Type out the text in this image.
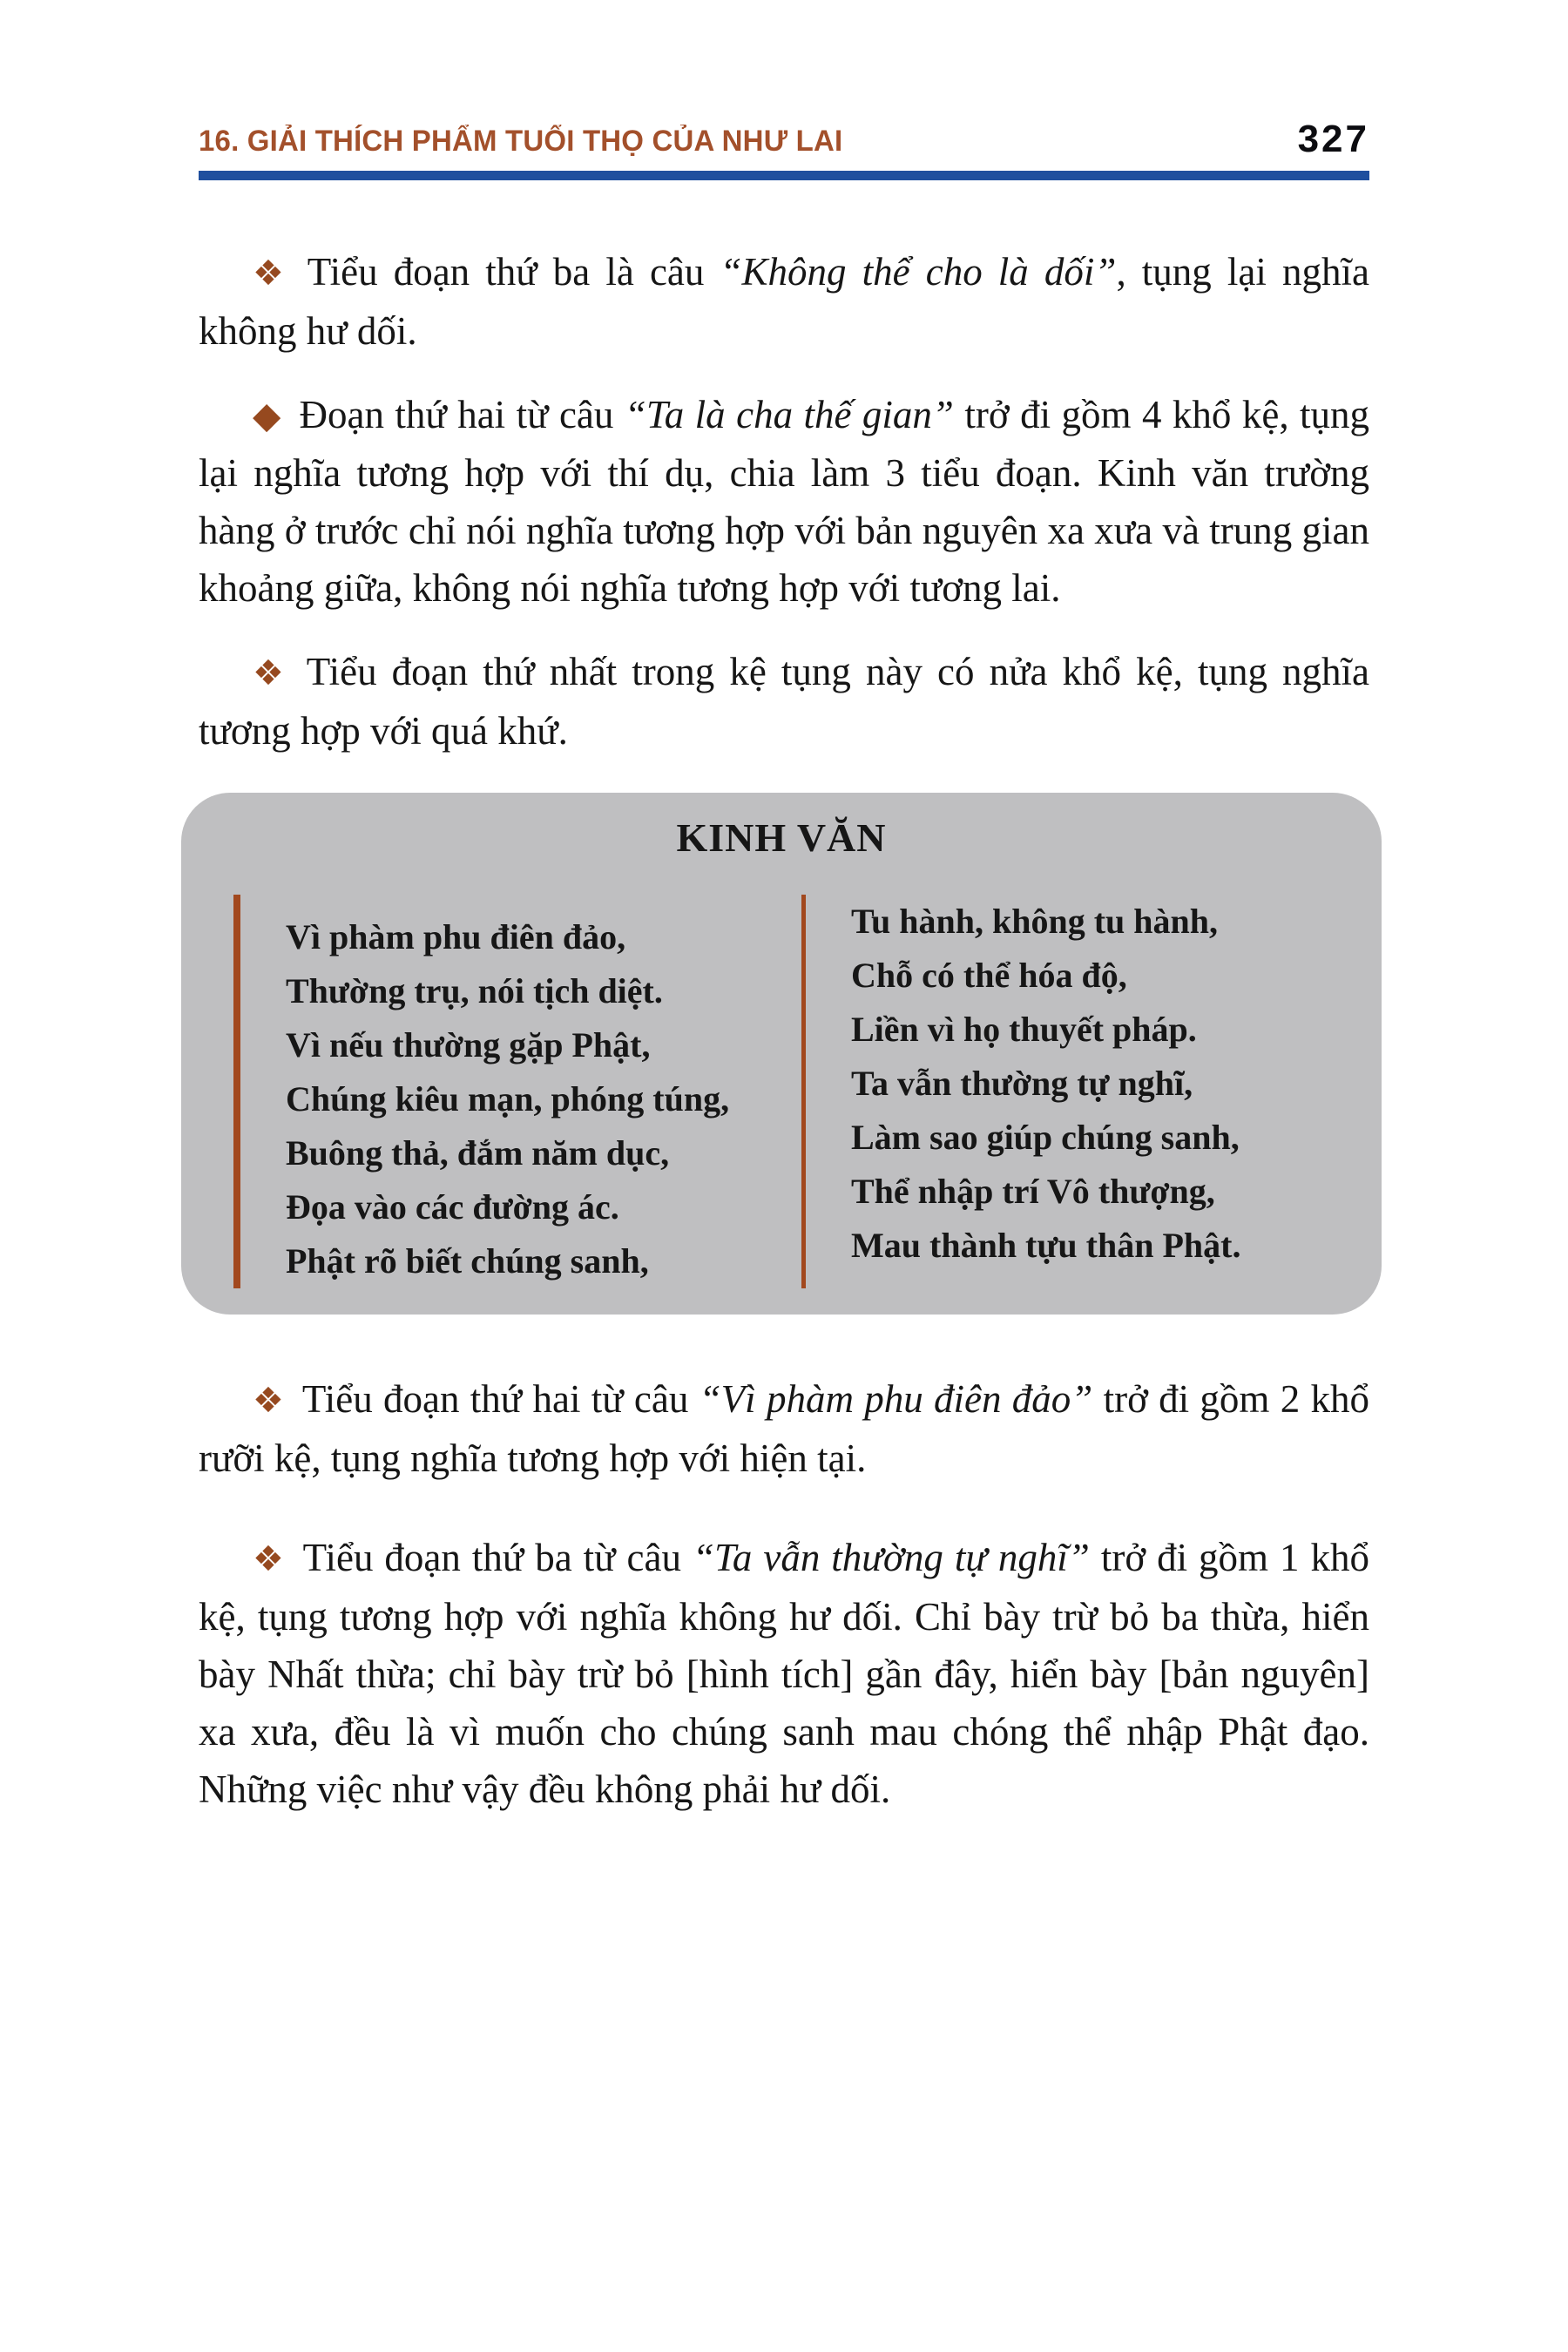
16. GIẢI THÍCH PHẨM TUỔI THỌ CỦA NHƯ LAI	327

❖ Tiểu đoạn thứ ba là câu “Không thể cho là dối”, tụng lại nghĩa không hư dối.

◆ Đoạn thứ hai từ câu “Ta là cha thế gian” trở đi gồm 4 khổ kệ, tụng lại nghĩa tương hợp với thí dụ, chia làm 3 tiểu đoạn. Kinh văn trường hàng ở trước chỉ nói nghĩa tương hợp với bản nguyên xa xưa và trung gian khoảng giữa, không nói nghĩa tương hợp với tương lai.

❖ Tiểu đoạn thứ nhất trong kệ tụng này có nửa khổ kệ, tụng nghĩa tương hợp với quá khứ.

KINH VĂN
Vì phàm phu điên đảo,
Thường trụ, nói tịch diệt.
Vì nếu thường gặp Phật,
Chúng kiêu mạn, phóng túng,
Buông thả, đắm năm dục,
Đọa vào các đường ác.
Phật rõ biết chúng sanh,
Tu hành, không tu hành,
Chỗ có thể hóa độ,
Liền vì họ thuyết pháp.
Ta vẫn thường tự nghĩ,
Làm sao giúp chúng sanh,
Thể nhập trí Vô thượng,
Mau thành tựu thân Phật.

❖ Tiểu đoạn thứ hai từ câu “Vì phàm phu điên đảo” trở đi gồm 2 khổ rưỡi kệ, tụng nghĩa tương hợp với hiện tại.

❖ Tiểu đoạn thứ ba từ câu “Ta vẫn thường tự nghĩ” trở đi gồm 1 khổ kệ, tụng tương hợp với nghĩa không hư dối. Chỉ bày trừ bỏ ba thừa, hiển bày Nhất thừa; chỉ bày trừ bỏ [hình tích] gần đây, hiển bày [bản nguyên] xa xưa, đều là vì muốn cho chúng sanh mau chóng thể nhập Phật đạo. Những việc như vậy đều không phải hư dối.
